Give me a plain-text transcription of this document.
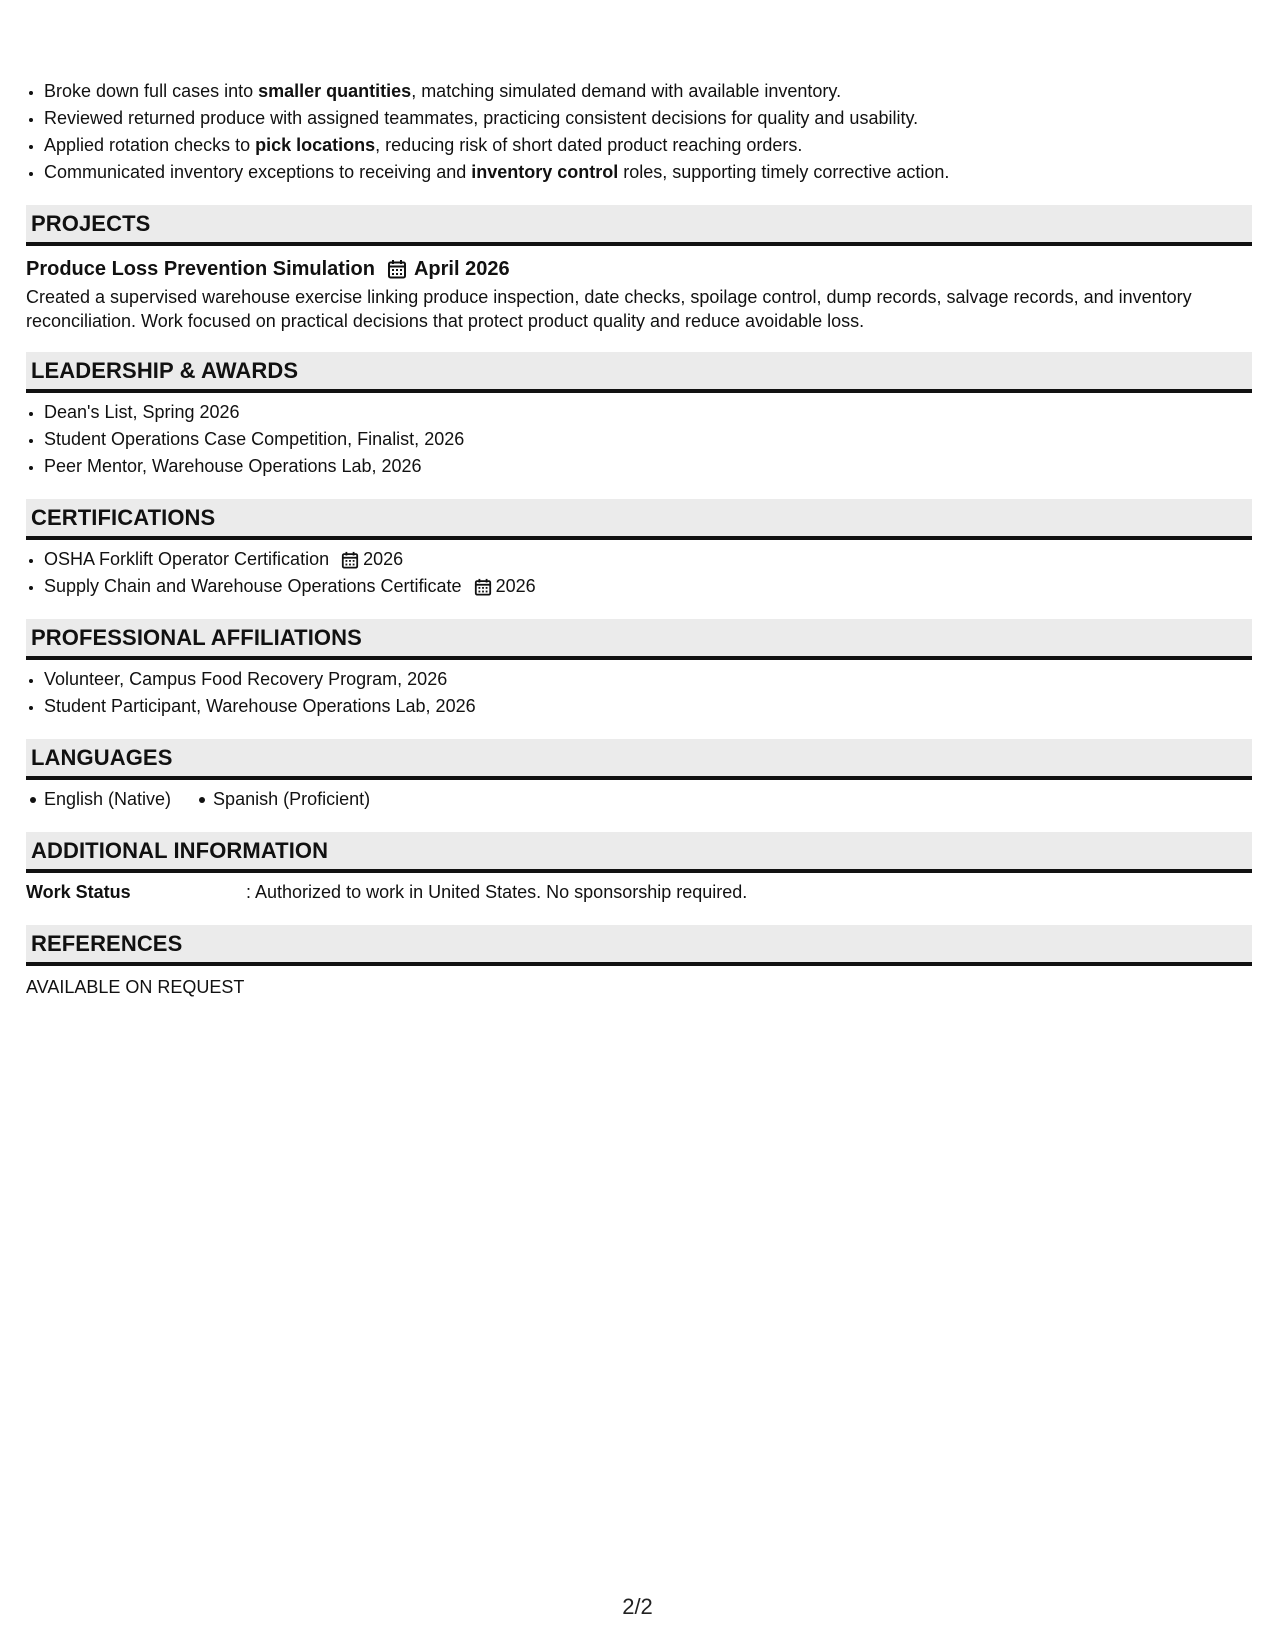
• Broke down full cases into smaller quantities, matching simulated demand with available inventory.
• Reviewed returned produce with assigned teammates, practicing consistent decisions for quality and usability.
• Applied rotation checks to pick locations, reducing risk of short dated product reaching orders.
• Communicated inventory exceptions to receiving and inventory control roles, supporting timely corrective action.
PROJECTS
Produce Loss Prevention Simulation April 2026

Created a supervised warehouse exercise linking produce inspection, date checks, spoilage control, dump records, salvage records, and inventory reconciliation. Work focused on practical decisions that protect product quality and reduce avoidable loss.

LEADERSHIP & AWARDS
• Dean's List, Spring 2026
• Student Operations Case Competition, Finalist, 2026
• Peer Mentor, Warehouse Operations Lab, 2026
CERTIFICATIONS
• OSHA Forklift Operator Certification 2026
• Supply Chain and Warehouse Operations Certificate 2026
PROFESSIONAL AFFILIATIONS
• Volunteer, Campus Food Recovery Program, 2026
• Student Participant, Warehouse Operations Lab, 2026
LANGUAGES
English (Native)	Spanish (Proficient)
ADDITIONAL INFORMATION
Work Status	: Authorized to work in United States. No sponsorship required.
REFERENCES
AVAILABLE ON REQUEST
2/2
